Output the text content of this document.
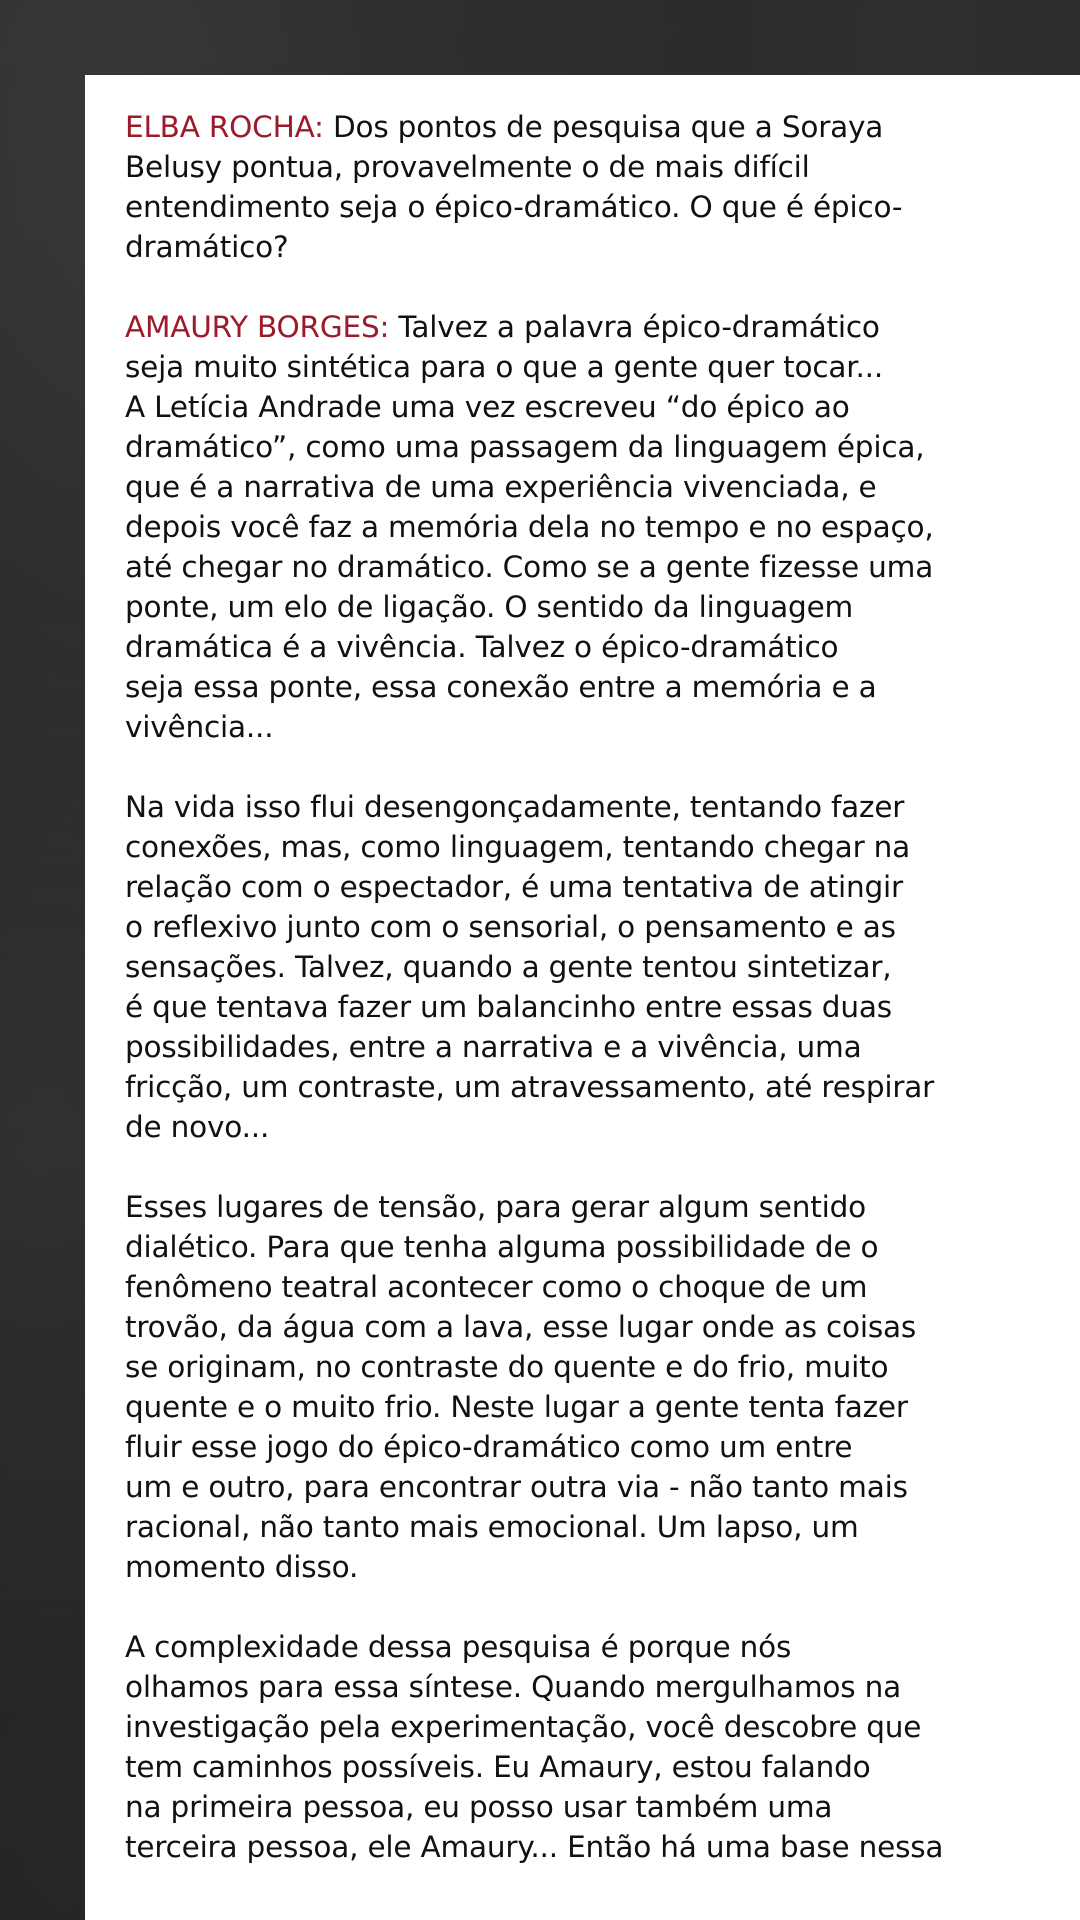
ELBA ROCHA: Dos pontos de pesquisa que a Soraya
Belusy pontua, provavelmente o de mais difícil
entendimento seja o épico-dramático. O que é épico-
dramático?

AMAURY BORGES: Talvez a palavra épico-dramático
seja muito sintética para o que a gente quer tocar...
A Letícia Andrade uma vez escreveu “do épico ao
dramático”, como uma passagem da linguagem épica,
que é a narrativa de uma experiência vivenciada, e
depois você faz a memória dela no tempo e no espaço,
até chegar no dramático. Como se a gente fizesse uma
ponte, um elo de ligação. O sentido da linguagem
dramática é a vivência. Talvez o épico-dramático
seja essa ponte, essa conexão entre a memória e a
vivência...

Na vida isso flui desengonçadamente, tentando fazer
conexões, mas, como linguagem, tentando chegar na
relação com o espectador, é uma tentativa de atingir
o reflexivo junto com o sensorial, o pensamento e as
sensações. Talvez, quando a gente tentou sintetizar,
é que tentava fazer um balancinho entre essas duas
possibilidades, entre a narrativa e a vivência, uma
fricção, um contraste, um atravessamento, até respirar
de novo...

Esses lugares de tensão, para gerar algum sentido
dialético. Para que tenha alguma possibilidade de o
fenômeno teatral acontecer como o choque de um
trovão, da água com a lava, esse lugar onde as coisas
se originam, no contraste do quente e do frio, muito
quente e o muito frio. Neste lugar a gente tenta fazer
fluir esse jogo do épico-dramático como um entre
um e outro, para encontrar outra via - não tanto mais
racional, não tanto mais emocional. Um lapso, um
momento disso.

A complexidade dessa pesquisa é porque nós
olhamos para essa síntese. Quando mergulhamos na
investigação pela experimentação, você descobre que
tem caminhos possíveis. Eu Amaury, estou falando
na primeira pessoa, eu posso usar também uma
terceira pessoa, ele Amaury... Então há uma base nessa
